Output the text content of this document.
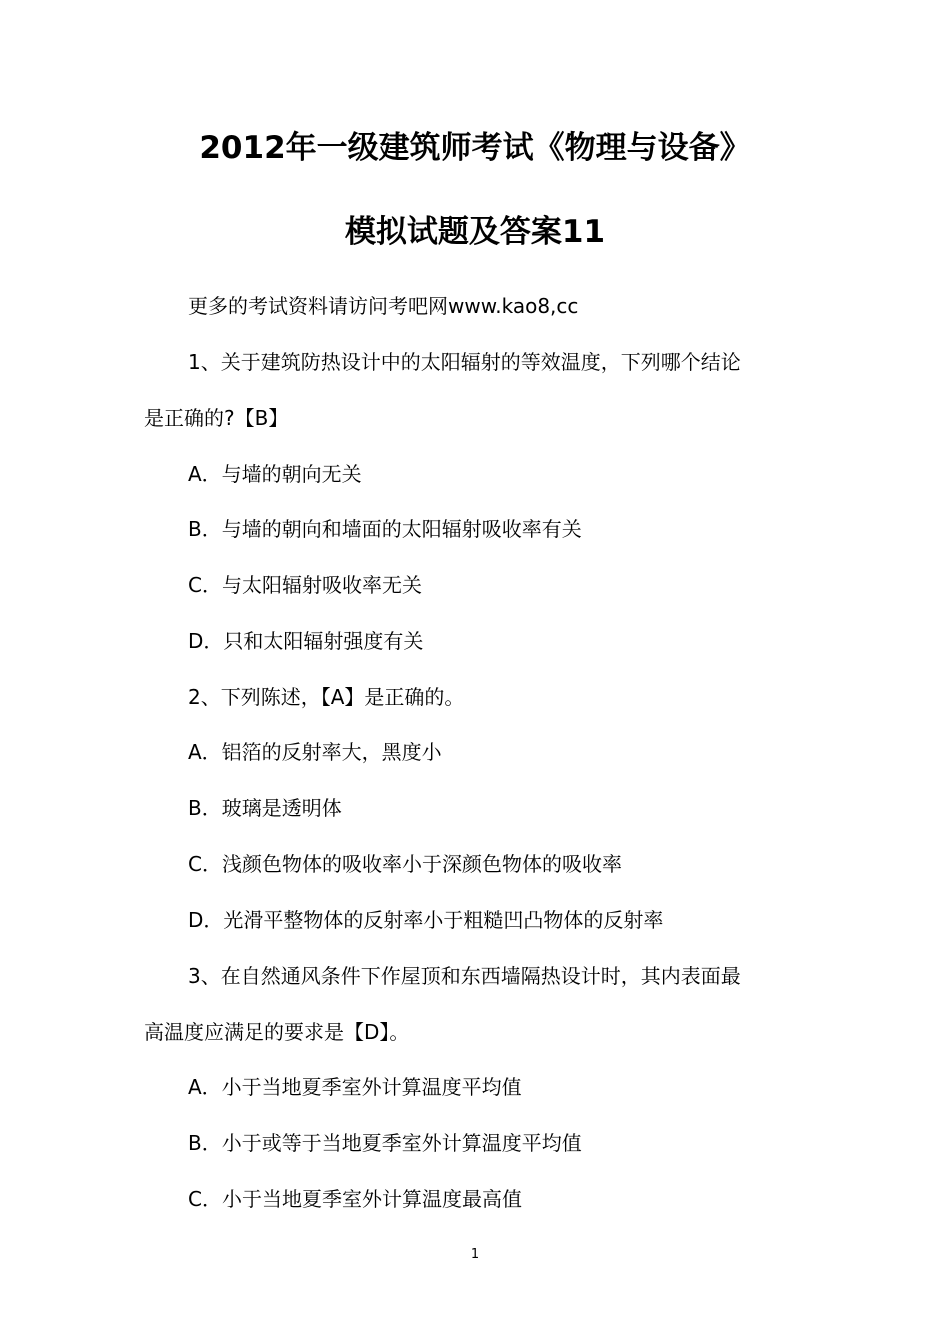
2012年一级建筑师考试《物理与设备》
模拟试题及答案11
更多的考试资料请访问考吧网www.kao8,cc
1、关于建筑防热设计中的太阳辐射的等效温度，下列哪个结论
是正确的?【B】
A．与墙的朝向无关
B．与墙的朝向和墙面的太阳辐射吸收率有关
C．与太阳辐射吸收率无关
D．只和太阳辐射强度有关
2、下列陈述，【A】是正确的。
A．铝箔的反射率大，黑度小
B．玻璃是透明体
C．浅颜色物体的吸收率小于深颜色物体的吸收率
D．光滑平整物体的反射率小于粗糙凹凸物体的反射率
3、在自然通风条件下作屋顶和东西墙隔热设计时，其内表面最
高温度应满足的要求是【D】。
A．小于当地夏季室外计算温度平均值
B．小于或等于当地夏季室外计算温度平均值
C．小于当地夏季室外计算温度最高值
1
